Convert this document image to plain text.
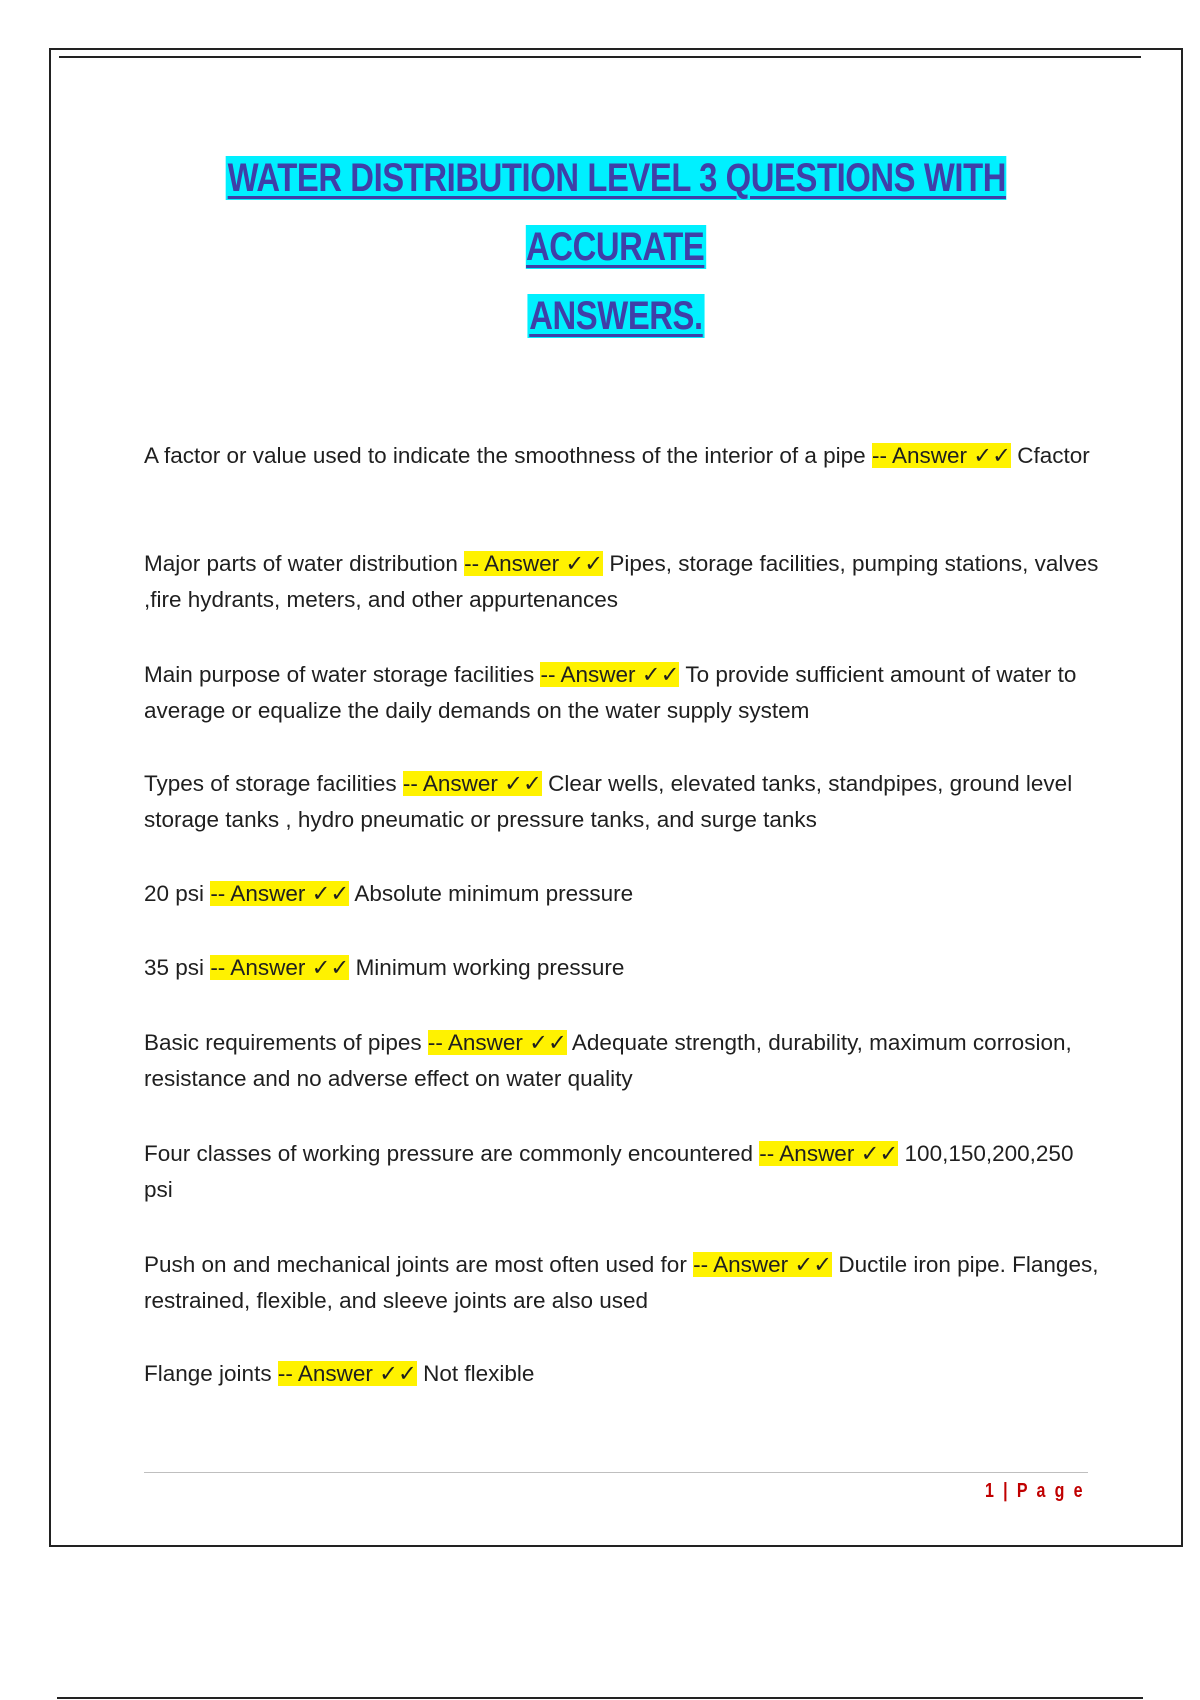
WATER DISTRIBUTION LEVEL 3 QUESTIONS WITH ACCURATE
ANSWERS.
A factor or value used to indicate the smoothness of the interior of a pipe -- Answer ✓✓ Cfactor
Major parts of water distribution -- Answer ✓✓ Pipes, storage facilities, pumping stations, valves ,fire hydrants, meters, and other appurtenances
Main purpose of water storage facilities -- Answer ✓✓ To provide sufficient amount of water to average or equalize the daily demands on the water supply system
Types of storage facilities -- Answer ✓✓ Clear wells, elevated tanks, standpipes, ground level storage tanks , hydro pneumatic or pressure tanks, and surge tanks
20 psi -- Answer ✓✓ Absolute minimum pressure
35 psi -- Answer ✓✓ Minimum working pressure
Basic requirements of pipes -- Answer ✓✓ Adequate strength, durability, maximum corrosion, resistance and no adverse effect on water quality
Four classes of working pressure are commonly encountered -- Answer ✓✓ 100,150,200,250 psi
Push on and mechanical joints are most often used for -- Answer ✓✓ Ductile iron pipe. Flanges, restrained, flexible, and sleeve joints are also used
Flange joints -- Answer ✓✓ Not flexible
1 | P a g e
